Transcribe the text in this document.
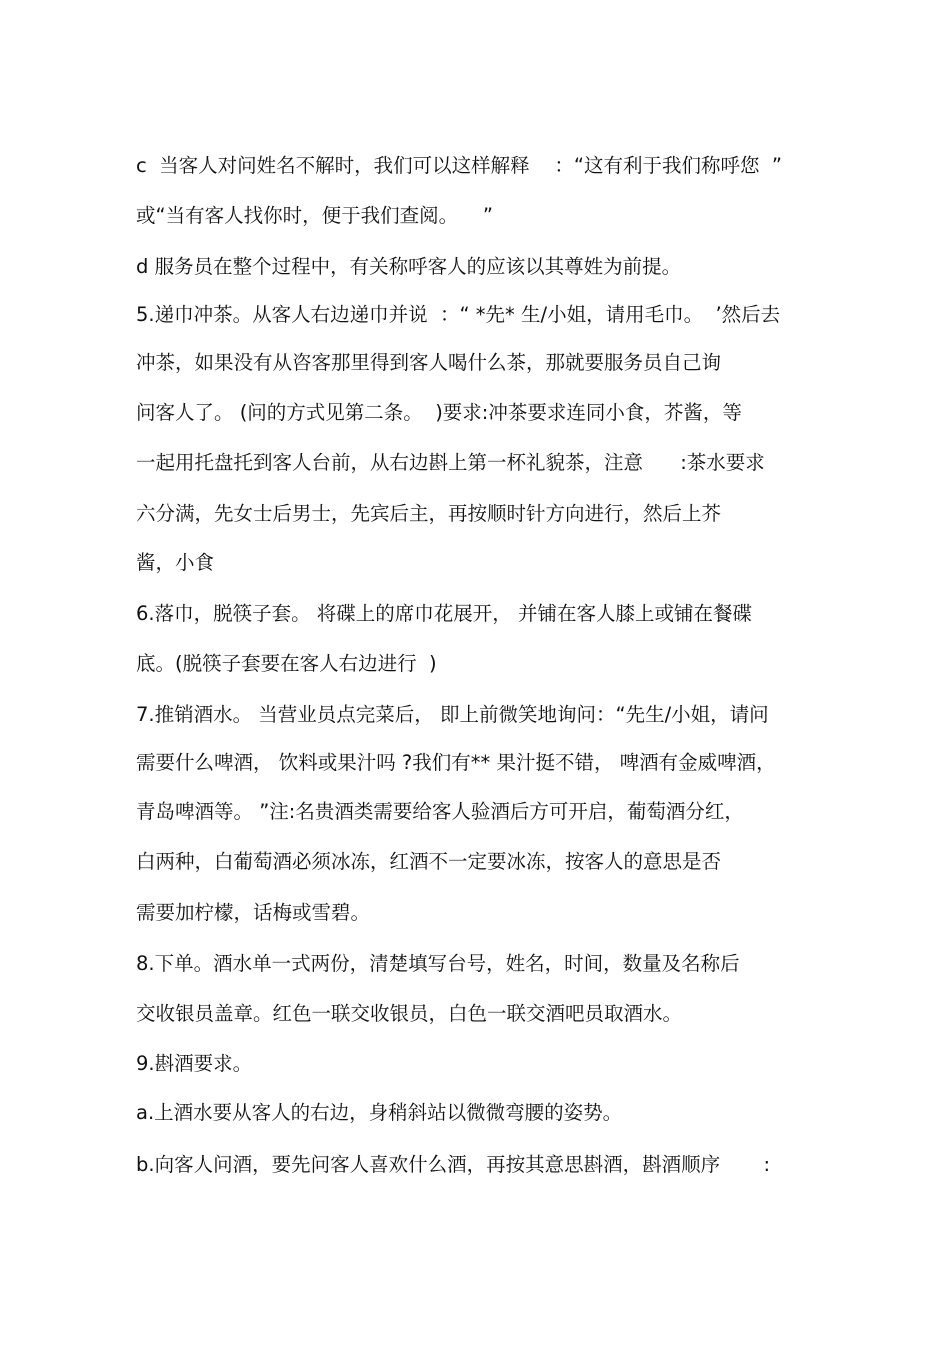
c  当客人对问姓名不解时，我们可以这样解释    ：“这有利于我们称呼您  ”
或“当有客人找你时，便于我们查阅。    ”
d 服务员在整个过程中，有关称呼客人的应该以其尊姓为前提。
5.递巾冲茶。从客人右边递巾并说  ：“ *先* 生/小姐，请用毛巾。  ’然后去
冲茶，如果没有从咨客那里得到客人喝什么茶，那就要服务员自己询
问客人了。 (问的方式见第二条。  )要求:冲茶要求连同小食，芥酱，等
一起用托盘托到客人台前，从右边斟上第一杯礼貌茶，注意      :茶水要求
六分满，先女士后男士，先宾后主，再按顺时针方向进行，然后上芥
酱，小食
6.落巾，脱筷子套。 将碟上的席巾花展开， 并铺在客人膝上或铺在餐碟
底。(脱筷子套要在客人右边进行  )
7.推销酒水。 当营业员点完菜后， 即上前微笑地询问：“先生/小姐，请问
需要什么啤酒， 饮料或果汁吗 ?我们有** 果汁挺不错， 啤酒有金威啤酒，
青岛啤酒等。 ”注:名贵酒类需要给客人验酒后方可开启，葡萄酒分红，
白两种，白葡萄酒必须冰冻，红酒不一定要冰冻，按客人的意思是否
需要加柠檬，话梅或雪碧。
8.下单。酒水单一式两份，清楚填写台号，姓名，时间，数量及名称后
交收银员盖章。红色一联交收银员，白色一联交酒吧员取酒水。
9.斟酒要求。
a.上酒水要从客人的右边，身稍斜站以微微弯腰的姿势。
b.向客人问酒，要先问客人喜欢什么酒，再按其意思斟酒，斟酒顺序       :
